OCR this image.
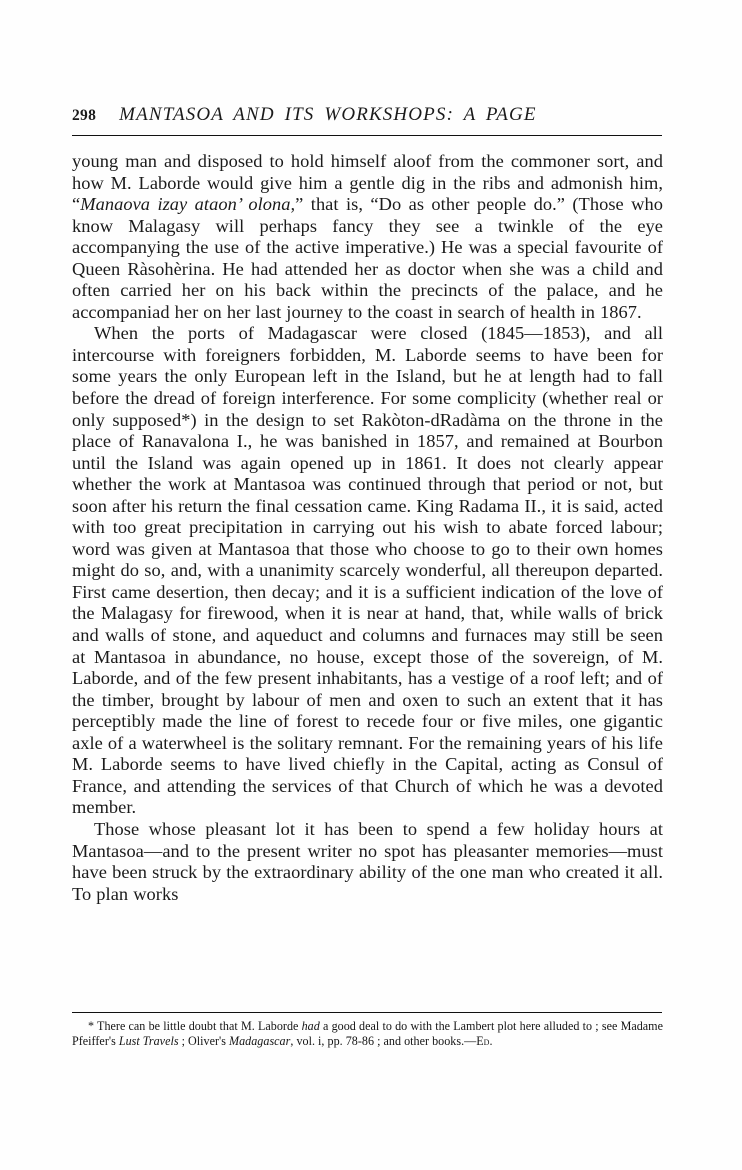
298 MANTASOA AND ITS WORKSHOPS: A PAGE

young man and disposed to hold himself aloof from the commoner sort, and how M. Laborde would give him a gentle dig in the ribs and admonish him, “Manaova izay ataon’ olona,” that is, “Do as other people do.” (Those who know Malagasy will perhaps fancy they see a twinkle of the eye accompanying the use of the active imperative.) He was a special favourite of Queen Ràsohèrina. He had attended her as doctor when she was a child and often carried her on his back within the precincts of the palace, and he accompaniad her on her last journey to the coast in search of health in 1867.

When the ports of Madagascar were closed (1845—1853), and all intercourse with foreigners forbidden, M. Laborde seems to have been for some years the only European left in the Island, but he at length had to fall before the dread of foreign interference. For some complicity (whether real or only supposed*) in the design to set Rakòton-dRadàma on the throne in the place of Ranavalona I., he was banished in 1857, and remained at Bourbon until the Island was again opened up in 1861. It does not clearly appear whether the work at Mantasoa was continued through that period or not, but soon after his return the final cessation came. King Radama II., it is said, acted with too great precipitation in carrying out his wish to abate forced labour; word was given at Mantasoa that those who choose to go to their own homes might do so, and, with a unanimity scarcely wonderful, all thereupon departed. First came desertion, then decay; and it is a sufficient indication of the love of the Malagasy for firewood, when it is near at hand, that, while walls of brick and walls of stone, and aqueduct and columns and furnaces may still be seen at Mantasoa in abundance, no house, except those of the sovereign, of M. Laborde, and of the few present inhabitants, has a vestige of a roof left; and of the timber, brought by labour of men and oxen to such an extent that it has perceptibly made the line of forest to recede four or five miles, one gigantic axle of a waterwheel is the solitary remnant. For the remaining years of his life M. Laborde seems to have lived chiefly in the Capital, acting as Consul of France, and attending the services of that Church of which he was a devoted member.

Those whose pleasant lot it has been to spend a few holiday hours at Mantasoa—and to the present writer no spot has pleasanter memories—must have been struck by the extraordinary ability of the one man who created it all. To plan works

* There can be little doubt that M. Laborde had a good deal to do with the Lambert plot here alluded to ; see Madame Pfeiffer's Lust Travels ; Oliver's Madagascar, vol. i, pp. 78-86 ; and other books.—Ed.
